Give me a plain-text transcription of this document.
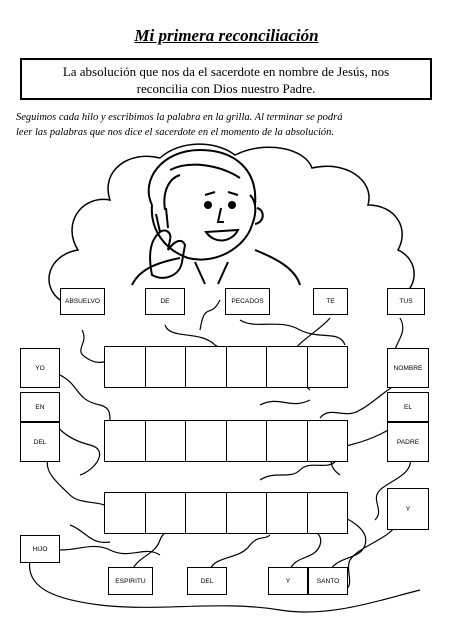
Mi primera reconciliación
La absolución que nos da el sacerdote en nombre de Jesús, nos
reconcilia con Dios nuestro Padre.
Seguimos cada hilo y escribimos la palabra en la grilla. Al terminar se podrá
leer las palabras que nos dice el sacerdote en el momento de la absolución.
ABSUELVO	DE	PECADOS	TE	TUS
YO	NOMBRE
EN	EL
DEL	PADRE
Y
HIJO
ESPIRITU	DEL	Y	SANTO
